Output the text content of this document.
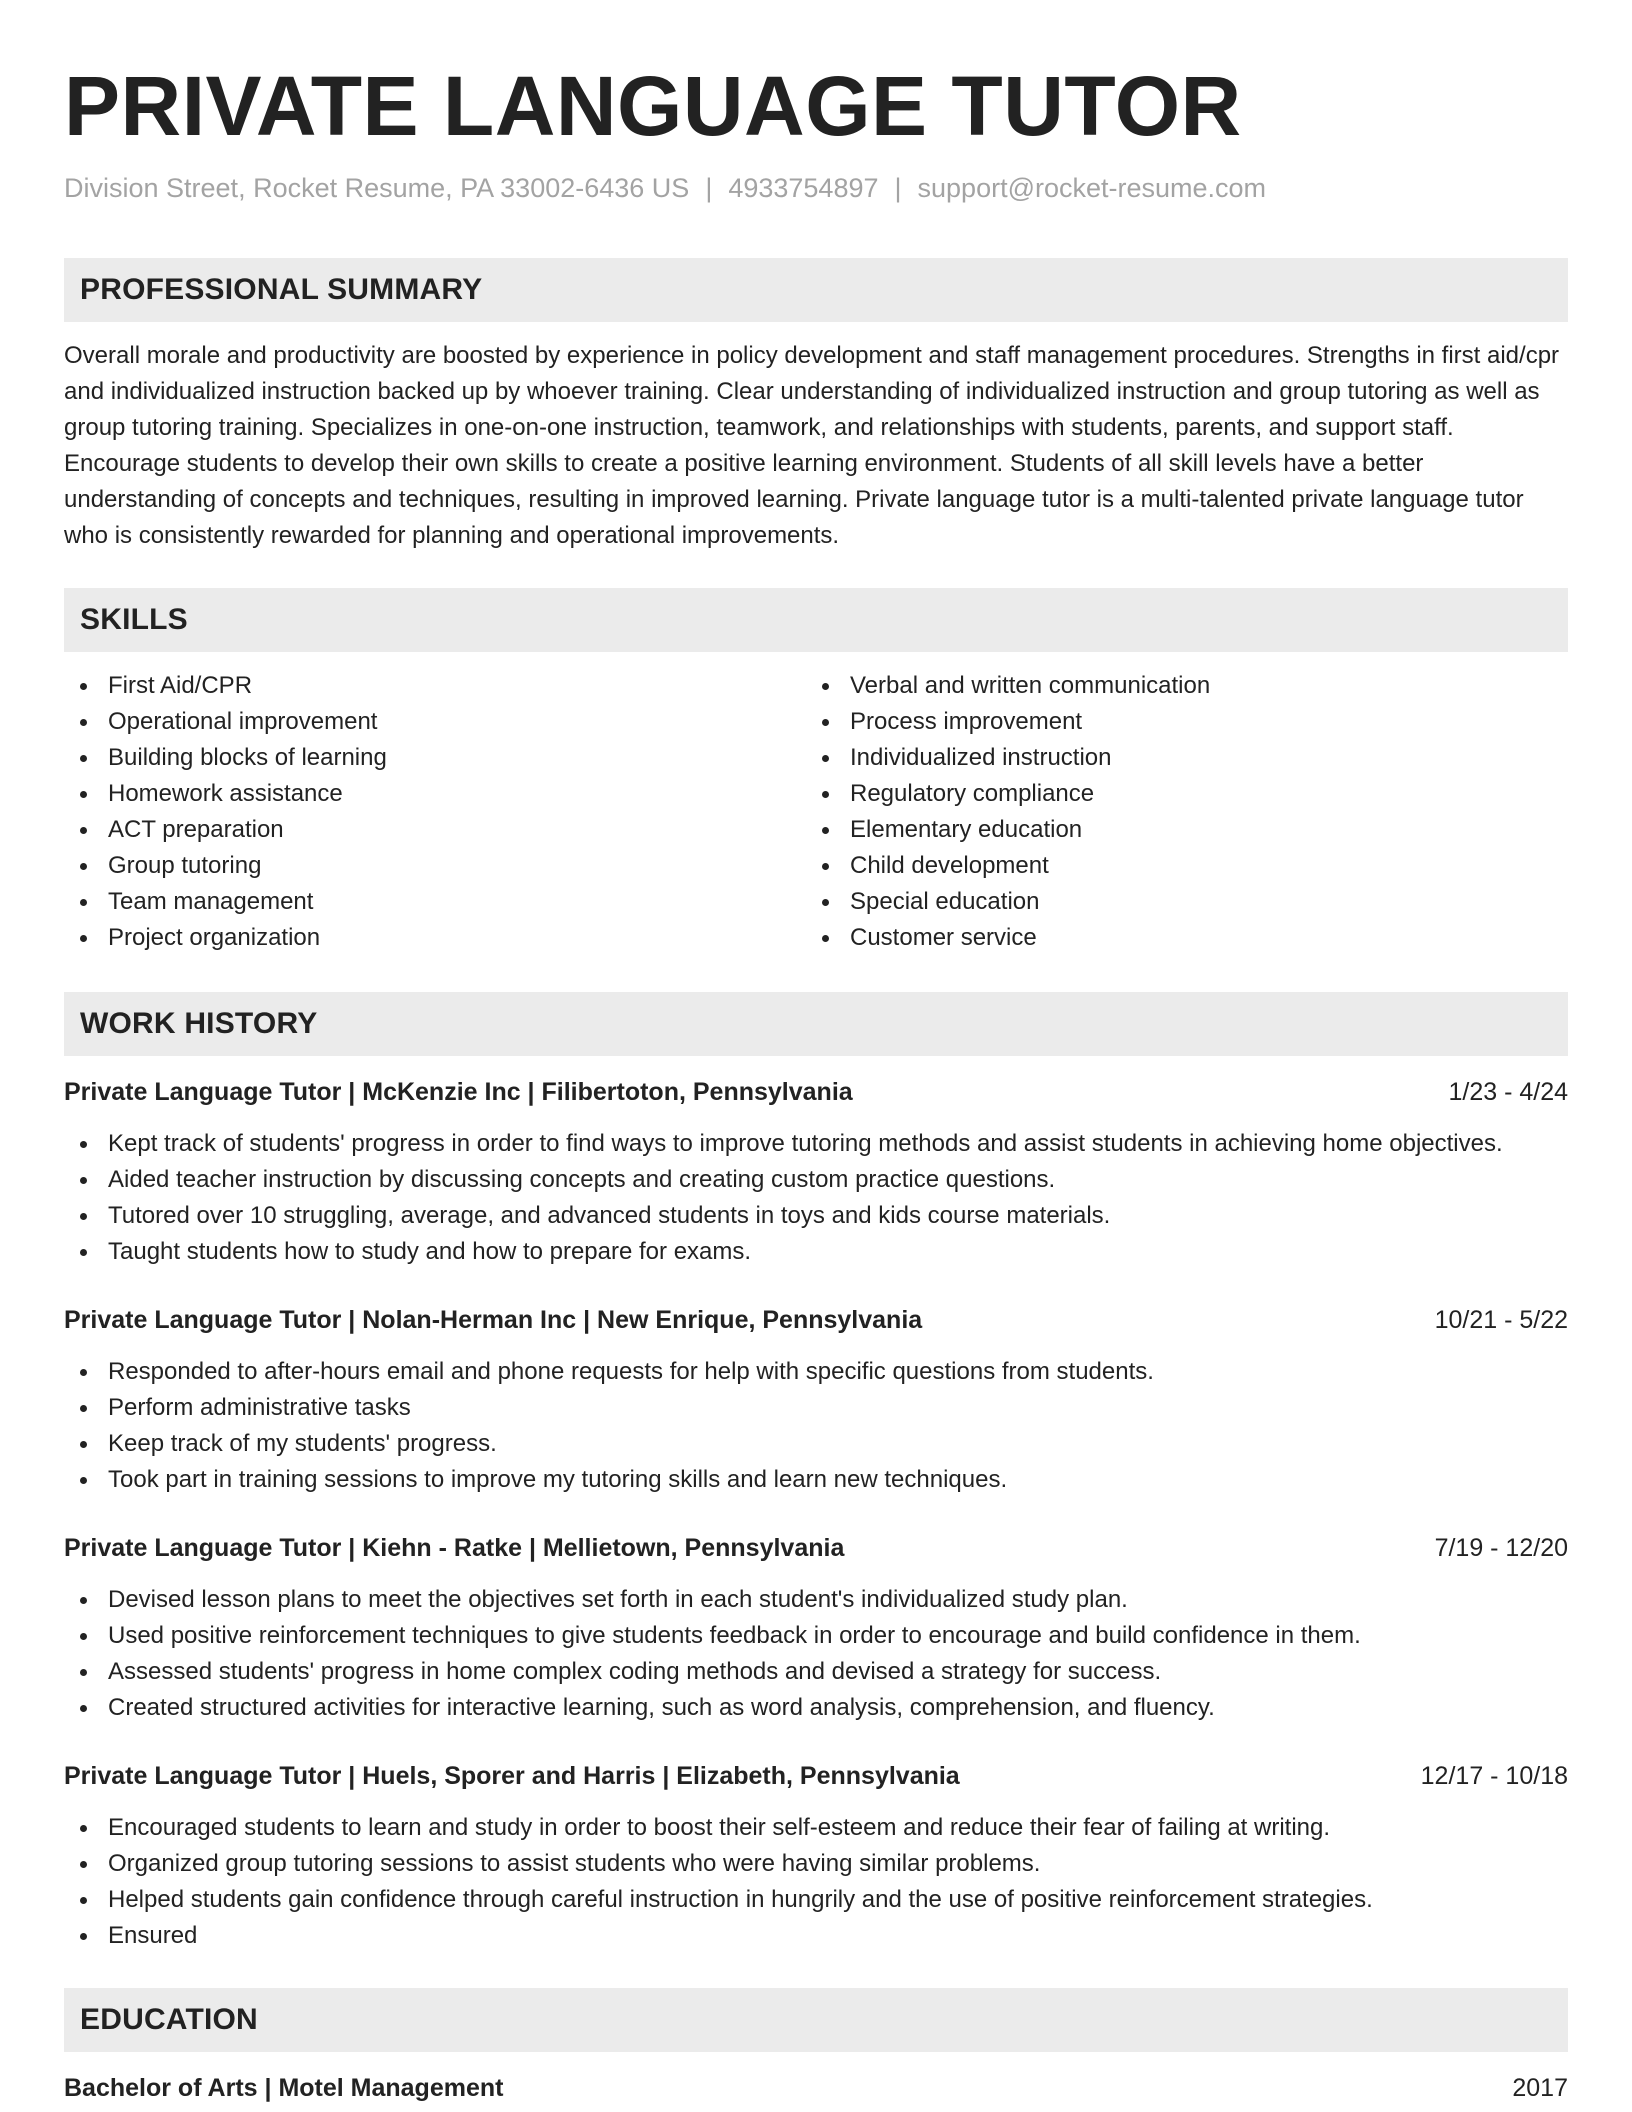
PRIVATE LANGUAGE TUTOR
Division Street, Rocket Resume, PA 33002-6436 US | 4933754897 | support@rocket-resume.com
PROFESSIONAL SUMMARY

Overall morale and productivity are boosted by experience in policy development and staff management procedures. Strengths in first aid/cpr and individualized instruction backed up by whoever training. Clear understanding of individualized instruction and group tutoring as well as group tutoring training. Specializes in one-on-one instruction, teamwork, and relationships with students, parents, and support staff. Encourage students to develop their own skills to create a positive learning environment. Students of all skill levels have a better understanding of concepts and techniques, resulting in improved learning. Private language tutor is a multi-talented private language tutor who is consistently rewarded for planning and operational improvements.

SKILLS
First Aid/CPR
Operational improvement
Building blocks of learning
Homework assistance
ACT preparation
Group tutoring
Team management
Project organization
Verbal and written communication
Process improvement
Individualized instruction
Regulatory compliance
Elementary education
Child development
Special education
Customer service
WORK HISTORY
Private Language Tutor | McKenzie Inc | Filibertoton, Pennsylvania	1/23 - 4/24
Kept track of students' progress in order to find ways to improve tutoring methods and assist students in achieving home objectives.
Aided teacher instruction by discussing concepts and creating custom practice questions.
Tutored over 10 struggling, average, and advanced students in toys and kids course materials.
Taught students how to study and how to prepare for exams.
Private Language Tutor | Nolan-Herman Inc | New Enrique, Pennsylvania	10/21 - 5/22
Responded to after-hours email and phone requests for help with specific questions from students.
Perform administrative tasks
Keep track of my students' progress.
Took part in training sessions to improve my tutoring skills and learn new techniques.
Private Language Tutor | Kiehn - Ratke | Mellietown, Pennsylvania	7/19 - 12/20
Devised lesson plans to meet the objectives set forth in each student's individualized study plan.
Used positive reinforcement techniques to give students feedback in order to encourage and build confidence in them.
Assessed students' progress in home complex coding methods and devised a strategy for success.
Created structured activities for interactive learning, such as word analysis, comprehension, and fluency.
Private Language Tutor | Huels, Sporer and Harris | Elizabeth, Pennsylvania	12/17 - 10/18
Encouraged students to learn and study in order to boost their self-esteem and reduce their fear of failing at writing.
Organized group tutoring sessions to assist students who were having similar problems.
Helped students gain confidence through careful instruction in hungrily and the use of positive reinforcement strategies.
Ensured
EDUCATION
Bachelor of Arts | Motel Management	2017
